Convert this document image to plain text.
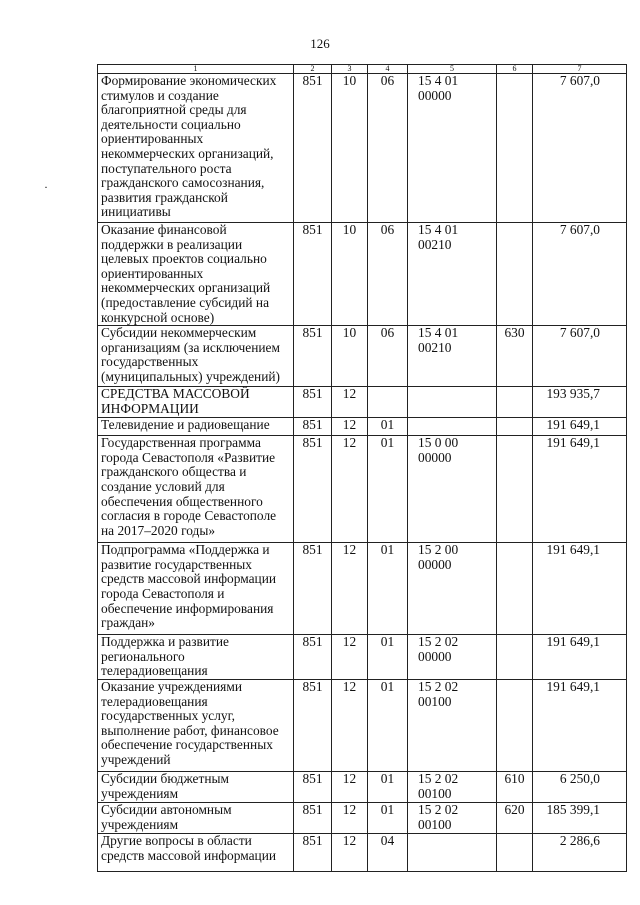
126
·
1	2	3	4	5	6	7
Формирование экономических стимулов и создание благоприятной среды для деятельности социально ориентированных некоммерческих организаций, поступательного роста гражданского самосознания, развития гражданской инициативы	851	10	06	15 4 01 00000		7 607,0
Оказание финансовой поддержки в реализации целевых проектов социально ориентированных некоммерческих организаций (предоставление субсидий на конкурсной основе)	851	10	06	15 4 01 00210		7 607,0
Субсидии некоммерческим организациям (за исключением государственных (муниципальных) учреждений)	851	10	06	15 4 01 00210	630	7 607,0
СРЕДСТВА МАССОВОЙ ИНФОРМАЦИИ	851	12				193 935,7
Телевидение и радиовещание	851	12	01			191 649,1
Государственная программа города Севастополя «Развитие гражданского общества и создание условий для обеспечения общественного согласия в городе Севастополе на 2017–2020 годы»	851	12	01	15 0 00 00000		191 649,1
Подпрограмма «Поддержка и развитие государственных средств массовой информации города Севастополя и обеспечение информирования граждан»	851	12	01	15 2 00 00000		191 649,1
Поддержка и развитие регионального телерадиовещания	851	12	01	15 2 02 00000		191 649,1
Оказание учреждениями телерадиовещания государственных услуг, выполнение работ, финансовое обеспечение государственных учреждений	851	12	01	15 2 02 00100		191 649,1
Субсидии бюджетным учреждениям	851	12	01	15 2 02 00100	610	6 250,0
Субсидии автономным учреждениям	851	12	01	15 2 02 00100	620	185 399,1
Другие вопросы в области средств массовой информации	851	12	04			2 286,6
